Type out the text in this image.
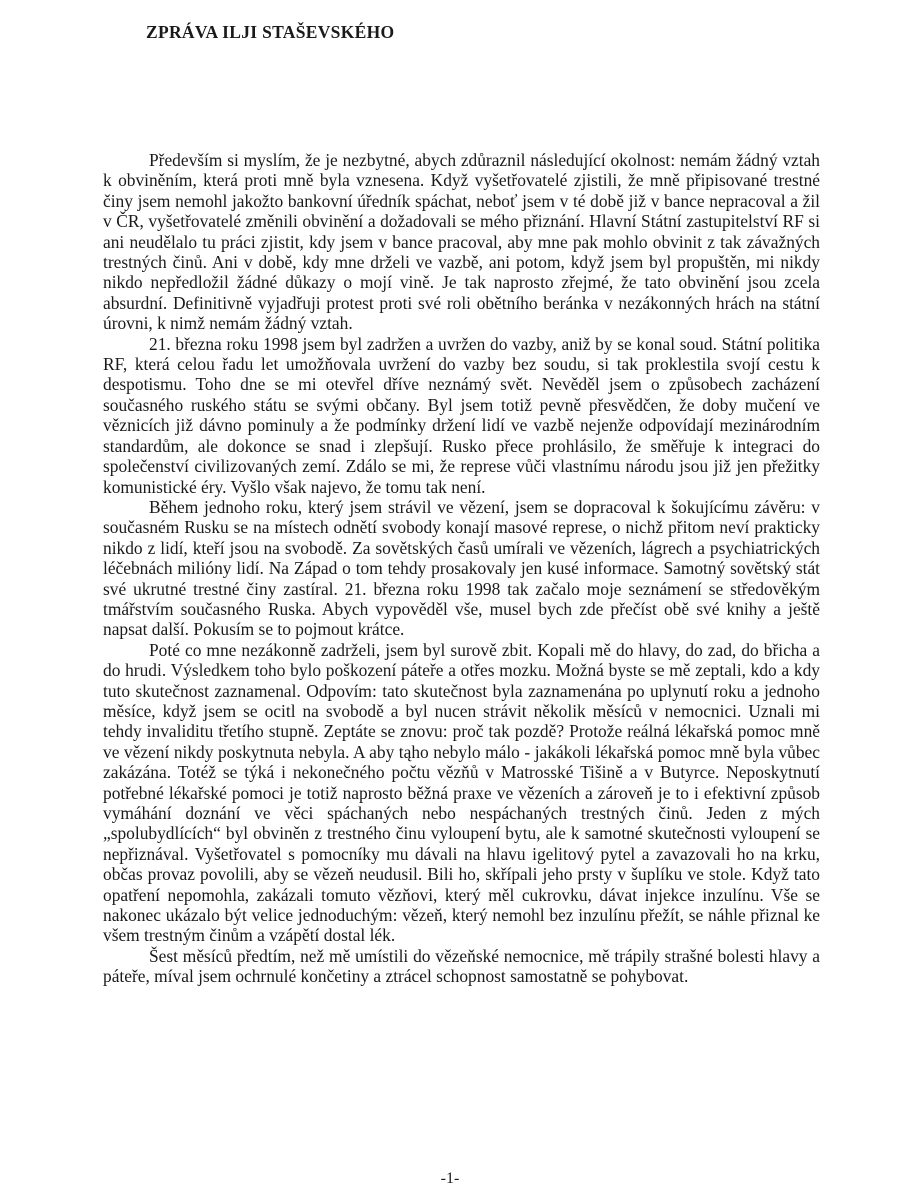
ZPRÁVA ILJI STAŠEVSKÉHO

Především si myslím, že je nezbytné, abych zdůraznil následující okolnost: nemám žádný vztah k obviněním, která proti mně byla vznesena. Když vyšetřovatelé zjistili, že mně připisované trestné činy jsem nemohl jakožto bankovní úředník spáchat, neboť jsem v té době již v bance nepracoval a žil v ČR, vyšetřovatelé změnili obvinění a dožadovali se mého přiznání. Hlavní Státní zastupitelství RF si ani neudělalo tu práci zjistit, kdy jsem v bance pracoval, aby mne pak mohlo obvinit z tak závažných trestných činů. Ani v době, kdy mne drželi ve vazbě, ani potom, když jsem byl propuštěn, mi nikdy nikdo nepředložil žádné důkazy o mojí vině. Je tak naprosto zřejmé, že tato obvinění jsou zcela absurdní. Definitivně vyjadřuji protest proti své roli obětního beránka v nezákonných hrách na státní úrovni, k nimž nemám žádný vztah.

21. března roku 1998 jsem byl zadržen a uvržen do vazby, aniž by se konal soud. Státní politika RF, která celou řadu let umožňovala uvržení do vazby bez soudu, si tak proklestila svojí cestu k despotismu. Toho dne se mi otevřel dříve neznámý svět. Nevěděl jsem o způsobech zacházení současného ruského státu se svými občany. Byl jsem totiž pevně přesvědčen, že doby mučení ve věznicích již dávno pominuly a že podmínky držení lidí ve vazbě nejenže odpovídají mezinárodním standardům, ale dokonce se snad i zlepšují. Rusko přece prohlásilo, že směřuje k integraci do společenství civilizovaných zemí. Zdálo se mi, že represe vůči vlastnímu národu jsou již jen přežitky komunistické éry. Vyšlo však najevo, že tomu tak není.

Během jednoho roku, který jsem strávil ve vězení, jsem se dopracoval k šokujícímu závěru: v současném Rusku se na místech odnětí svobody konají masové represe, o nichž přitom neví prakticky nikdo z lidí, kteří jsou na svobodě. Za sovětských časů umírali ve vězeních, lágrech a psychiatrických léčebnách milióny lidí. Na Západ o tom tehdy prosakovaly jen kusé informace. Samotný sovětský stát své ukrutné trestné činy zastíral. 21. března roku 1998 tak začalo moje seznámení se středověkým tmářstvím současného Ruska. Abych vypověděl vše, musel bych zde přečíst obě své knihy a ještě napsat další. Pokusím se to pojmout krátce.

Poté co mne nezákonně zadrželi, jsem byl surově zbit. Kopali mě do hlavy, do zad, do břicha a do hrudi. Výsledkem toho bylo poškození páteře a otřes mozku. Možná byste se mě zeptali, kdo a kdy tuto skutečnost zaznamenal. Odpovím: tato skutečnost byla zaznamenána po uplynutí roku a jednoho měsíce, když jsem se ocitl na svobodě a byl nucen strávit několik měsíců v nemocnici. Uznali mi tehdy invaliditu třetího stupně. Zeptáte se znovu: proč tak pozdě? Protože reálná lékařská pomoc mně ve vězení nikdy poskytnuta nebyla. A aby tąho nebylo málo - jakákoli lékařská pomoc mně byla vůbec zakázána. Totéž se týká i nekonečného počtu vězňů v Matrosské Tišině a v Butyrce. Neposkytnutí potřebné lékařské pomoci je totiž naprosto běžná praxe ve vězeních a zároveň je to i efektivní způsob vymáhání doznání ve věci spáchaných nebo nespáchaných trestných činů. Jeden z mých „spolubydlících“ byl obviněn z trestného činu vyloupení bytu, ale k samotné skutečnosti vyloupení se nepřiznával. Vyšetřovatel s pomocníky mu dávali na hlavu igelitový pytel a zavazovali ho na krku, občas provaz povolili, aby se vězeň neudusil. Bili ho, skřípali jeho prsty v šuplíku ve stole. Když tato opatření nepomohla, zakázali tomuto vězňovi, který měl cukrovku, dávat injekce inzulínu. Vše se nakonec ukázalo být velice jednoduchým: vězeň, který nemohl bez inzulínu přežít, se náhle přiznal ke všem trestným činům a vzápětí dostal lék.

Šest měsíců předtím, než mě umístili do vězeňské nemocnice, mě trápily strašné bolesti hlavy a páteře, míval jsem ochrnulé končetiny a ztrácel schopnost samostatně se pohybovat.

-1-
